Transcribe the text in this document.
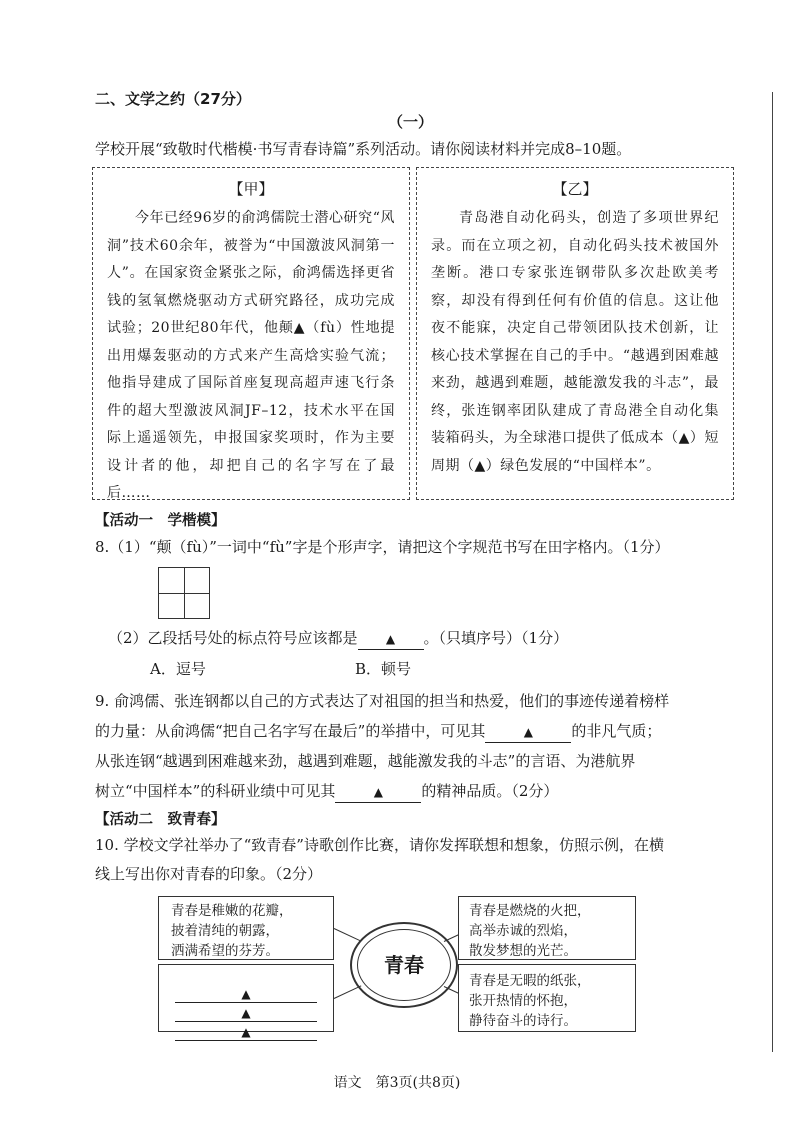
二、文学之约（27分）
（一）
学校开展“致敬时代楷模·书写青春诗篇”系列活动。请你阅读材料并完成8–10题。
【甲】
今年已经96岁的俞鸿儒院士潜心研究“风洞”技术60余年，被誉为“中国激波风洞第一人”。在国家资金紧张之际，俞鸿儒选择更省钱的氢氧燃烧驱动方式研究路径，成功完成试验；20世纪80年代，他颠▲（fù）性地提出用爆轰驱动的方式来产生高焓实验气流；他指导建成了国际首座复现高超声速飞行条件的超大型激波风洞JF–12，技术水平在国际上遥遥领先，申报国家奖项时，作为主要设计者的他，却把自己的名字写在了最后……
【乙】
青岛港自动化码头，创造了多项世界纪录。而在立项之初，自动化码头技术被国外垄断。港口专家张连钢带队多次赴欧美考察，却没有得到任何有价值的信息。这让他夜不能寐，决定自己带领团队技术创新，让核心技术掌握在自己的手中。“越遇到困难越来劲，越遇到难题，越能激发我的斗志”，最终，张连钢率团队建成了青岛港全自动化集装箱码头，为全球港口提供了低成本（▲）短周期（▲）绿色发展的“中国样本”。
【活动一　学楷模】
8.（1）“颠（fù）”一词中“fù”字是个形声字，请把这个字规范书写在田字格内。（1分）
（2）乙段括号处的标点符号应该都是 ▲ 。（只填序号）（1分）
A．逗号	B．顿号
9. 俞鸿儒、张连钢都以自己的方式表达了对祖国的担当和热爱，他们的事迹传递着榜样
的力量：从俞鸿儒“把自己名字写在最后”的举措中，可见其	▲	的非凡气质；
从张连钢“越遇到困难越来劲，越遇到难题，越能激发我的斗志”的言语、为港航界
树立“中国样本”的科研业绩中可见其	▲	的精神品质。（2分）
【活动二　致青春】
10. 学校文学社举办了“致青春”诗歌创作比赛，请你发挥联想和想象，仿照示例，在横
线上写出你对青春的印象。（2分）
青春是稚嫩的花瓣，
披着清纯的朝露，
洒满希望的芬芳。
▲
▲
▲
青春是燃烧的火把，
高举赤诚的烈焰，
散发梦想的光芒。
青春是无暇的纸张，
张开热情的怀抱，
静待奋斗的诗行。
青春
语文　第3页(共8页)
